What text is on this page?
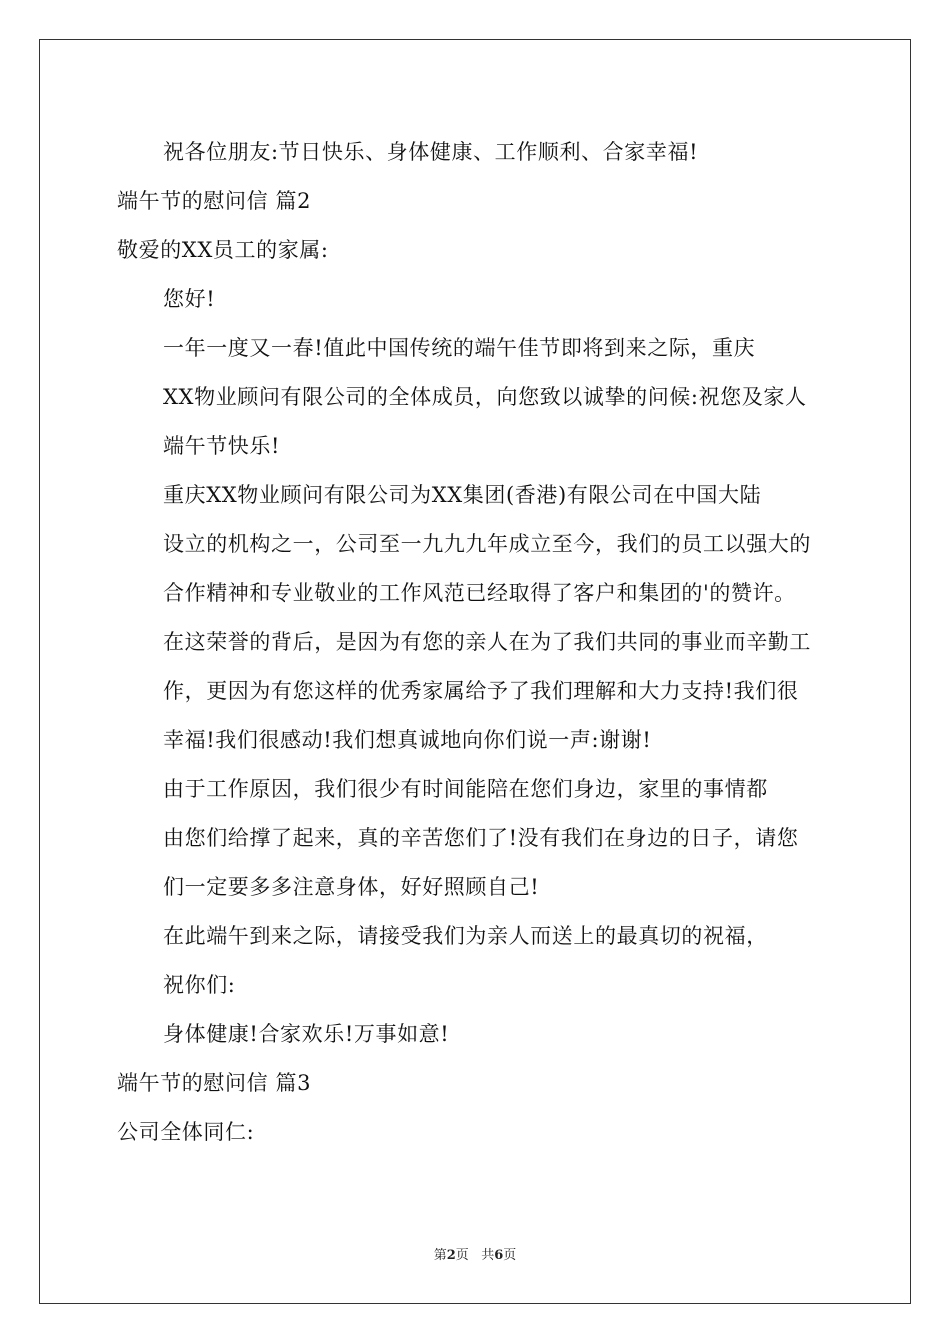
祝各位朋友:节日快乐、身体健康、工作顺利、合家幸福!

端午节的慰问信 篇2

敬爱的XX员工的家属:

您好!

一年一度又一春!值此中国传统的端午佳节即将到来之际，重庆
XX物业顾问有限公司的全体成员，向您致以诚挚的问候:祝您及家人
端午节快乐!

重庆XX物业顾问有限公司为XX集团(香港)有限公司在中国大陆
设立的机构之一，公司至一九九九年成立至今，我们的员工以强大的
合作精神和专业敬业的工作风范已经取得了客户和集团的'的赞许。
在这荣誉的背后，是因为有您的亲人在为了我们共同的事业而辛勤工
作，更因为有您这样的优秀家属给予了我们理解和大力支持!我们很
幸福!我们很感动!我们想真诚地向你们说一声:谢谢!

由于工作原因，我们很少有时间能陪在您们身边，家里的事情都
由您们给撑了起来，真的辛苦您们了!没有我们在身边的日子，请您
们一定要多多注意身体，好好照顾自己!

在此端午到来之际，请接受我们为亲人而送上的最真切的祝福，
祝你们:

身体健康!合家欢乐!万事如意!

端午节的慰问信 篇3

公司全体同仁:

第2页 共6页
